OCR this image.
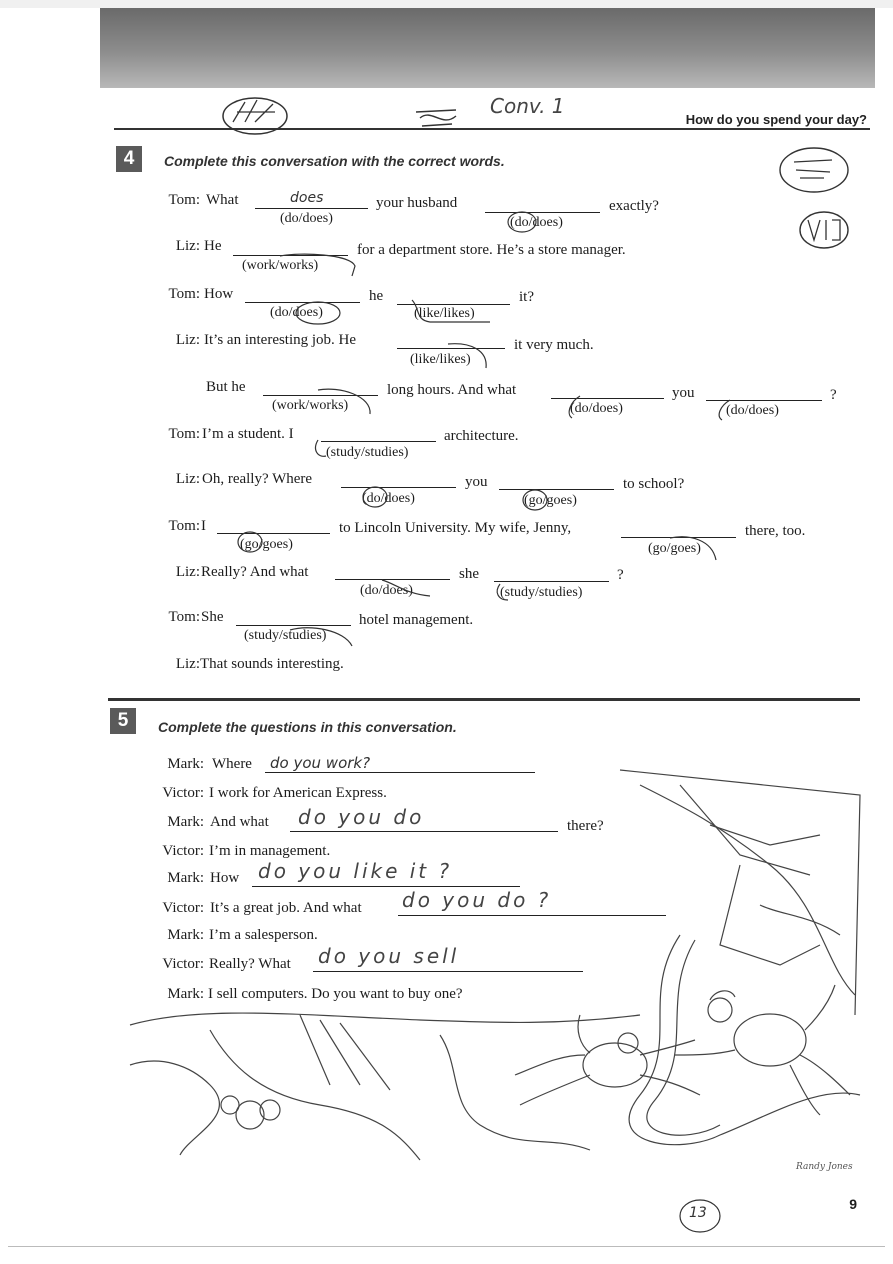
Conv. 1
How do you spend your day?
4	Complete this conversation with the correct words.
Tom: What	does
(do/does)
your husband
(do/does)
exactly?
Liz: He
(work/works)
for a department store. He’s a store manager.
Tom: How
(do/does)
he
(like/likes)
it?
Liz: It’s an interesting job. He
(like/likes)
it very much.
But he
(work/works)
long hours. And what
(do/does)
you
(do/does)
?
Tom: I’m a student. I
(study/studies)
architecture.
Liz: Oh, really? Where
(do/does)
you
(go/goes)
to school?
Tom: I
(go/goes)
to Lincoln University. My wife, Jenny,
(go/goes)
there, too.
Liz: Really? And what
(do/does)
she
(study/studies)
?
Tom: She
(study/studies)
hotel management.
Liz: That sounds interesting.
5	Complete the questions in this conversation.
Mark: Where do you work?
Victor: I work for American Express.
Mark: And what do you do	there?
Victor: I’m in management.
Mark: How do you like it ?
Victor: It’s a great job. And what do you do ?
Mark: I’m a salesperson.
Victor: Really? What do you sell
Mark: I sell computers. Do you want to buy one?
Randy Jones
13
9
